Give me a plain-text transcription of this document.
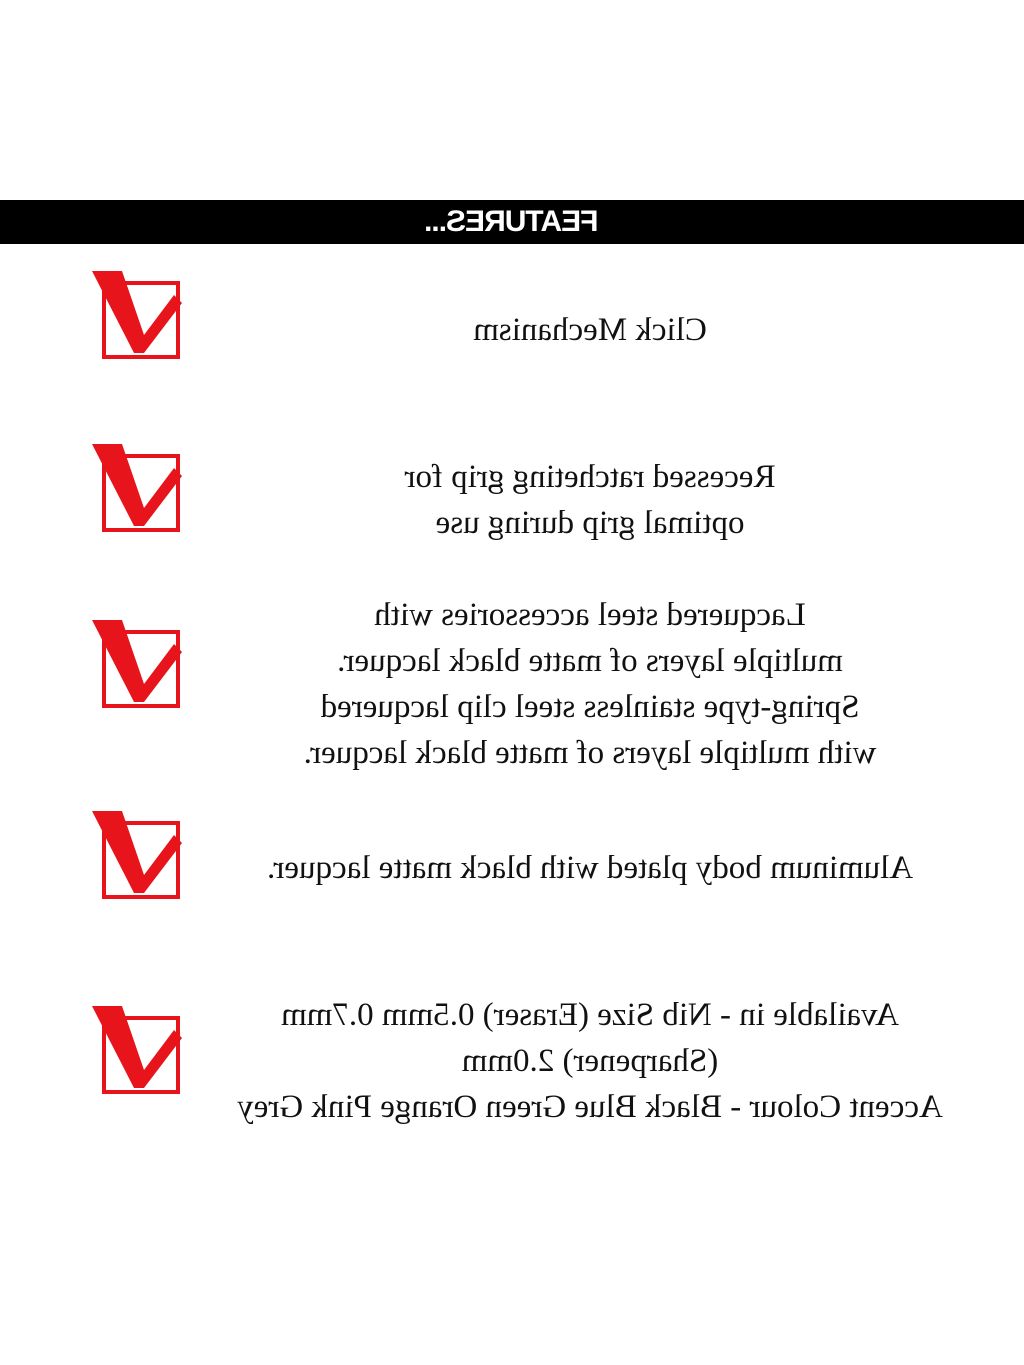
FEATURES...
Click Mechanism
Recessed ratcheting grip for
optimal grip during use
Lacquered steel accessories with
multiple layers of matte black lacquer.
Spring-type stainless steel clip lacquered
with multiple layers of matte black lacquer.
Aluminum body plated with black matte lacquer.
Available in - Nib Size (Eraser) 0.5mm 0.7mm
(Sharpener) 2.0mm
Accent Colour - Black Blue Green Orange Pink Grey
